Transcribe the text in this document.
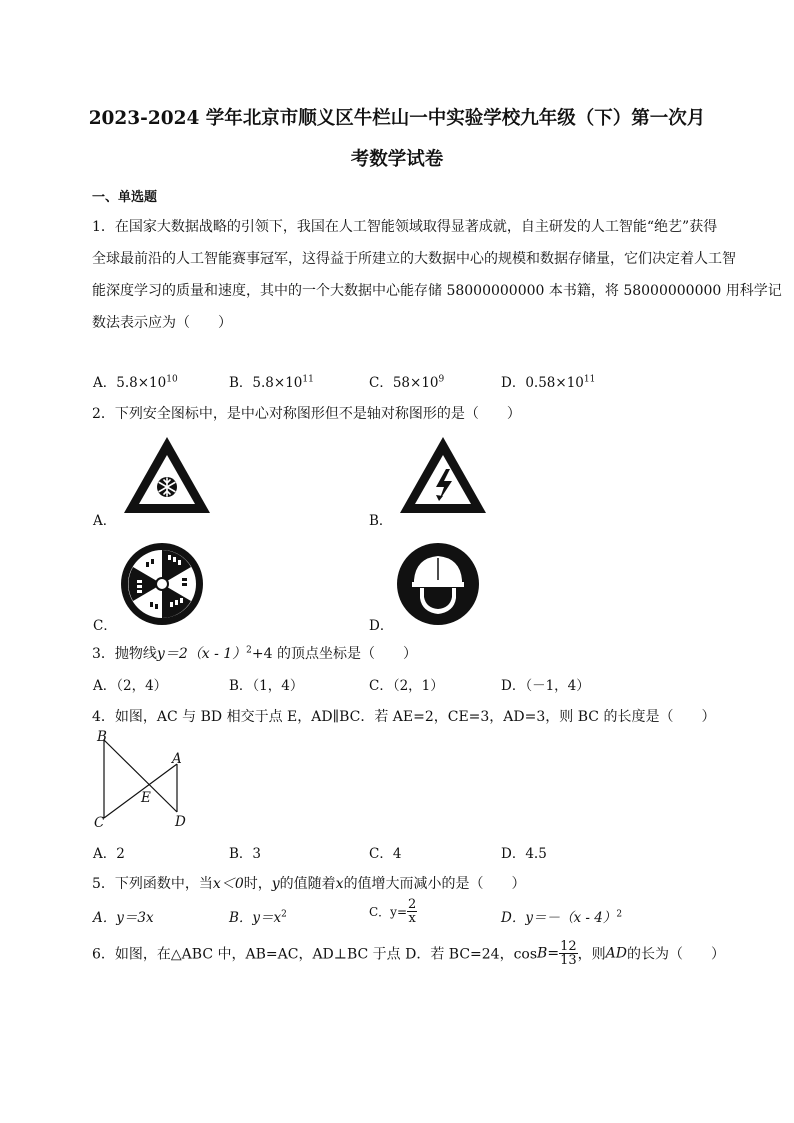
2023-2024 学年北京市顺义区牛栏山一中实验学校九年级（下）第一次月
考数学试卷
一、单选题
1．在国家大数据战略的引领下，我国在人工智能领域取得显著成就，自主研发的人工智能“绝艺”获得
全球最前沿的人工智能赛事冠军，这得益于所建立的大数据中心的规模和数据存储量，它们决定着人工智
能深度学习的质量和速度，其中的一个大数据中心能存储 58000000000 本书籍，将 58000000000 用科学记
数法表示应为（　　）
A．$5.8\times 10^{10}$	B．$5.8\times 10^{11}$	C．$58\times 10^9$	D．$0.58\times 10^{11}$
2．下列安全图标中，是中心对称图形但不是轴对称图形的是（　　）
A．	B．
C．	D．
3．抛物线y＝2（x - 1）$^2$+4 的顶点坐标是（　　）
A．（2，4）	B．（1，4）	C．（2，1）	D．（－1，4）
4．如图，AC 与 BD 相交于点 E，AD∥BC．若 AE=2，CE=3，AD=3，则 BC 的长度是（　　）
B
A
E
C	D
A．2	B．3	C．4	D．4.5
5．下列函数中，当x＜0时，y的值随着x的值增大而减小的是（　　）
A．y＝3x	B．$y=x^2$	C．$y= \frac{2}{x}$	D．y＝－（x - 4）$^2$
6．如图，在△ABC 中，AB=AC，AD⊥BC 于点 D．若 BC=24，$\cos B= \frac{12}{13}$ ，则AD的长为（　　）
